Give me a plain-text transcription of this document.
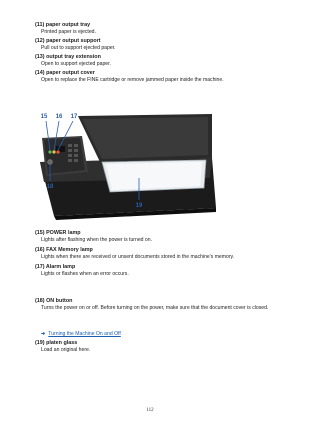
(11) paper output tray
Printed paper is ejected.
(12) paper output support
Pull out to support ejected paper.
(13) output tray extension
Open to support ejected paper.
(14) paper output cover
Open to replace the FINE cartridge or remove jammed paper inside the machine.
15 16 17
18
19
(15) POWER lamp
Lights after flashing when the power is turned on.
(16) FAX Memory lamp
Lights when there are received or unsent documents stored in the machine's memory.
(17) Alarm lamp
Lights or flashes when an error occurs.
(18) ON button
Turns the power on or off. Before turning on the power, make sure that the document cover is closed.
➔ Turning the Machine On and Off
(19) platen glass
Load an original here.
112
